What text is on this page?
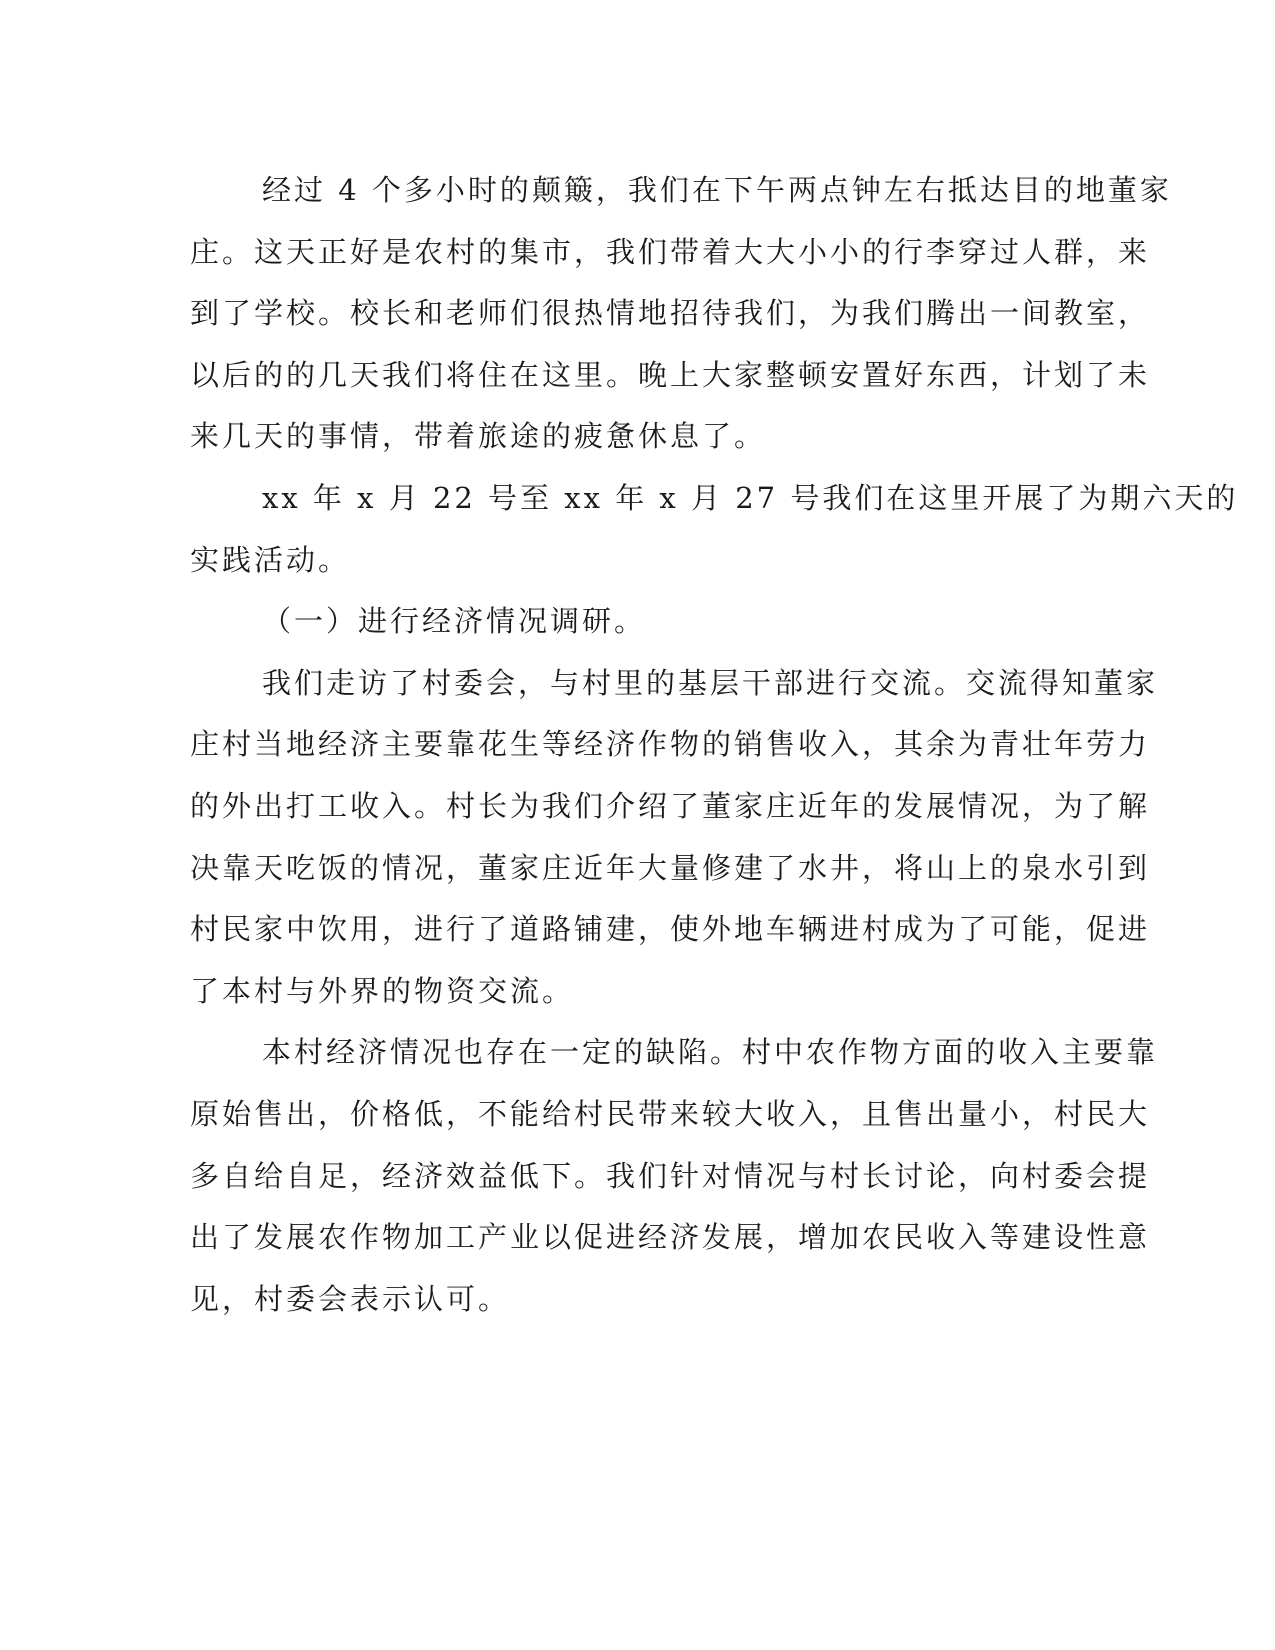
经过 4 个多小时的颠簸，我们在下午两点钟左右抵达目的地董家
庄。这天正好是农村的集市，我们带着大大小小的行李穿过人群，来
到了学校。校长和老师们很热情地招待我们，为我们腾出一间教室，
以后的的几天我们将住在这里。晚上大家整顿安置好东西，计划了未
来几天的事情，带着旅途的疲惫休息了。
xx 年 x 月 22 号至 xx 年 x 月 27 号我们在这里开展了为期六天的
实践活动。
（一）进行经济情况调研。
我们走访了村委会，与村里的基层干部进行交流。交流得知董家
庄村当地经济主要靠花生等经济作物的销售收入，其余为青壮年劳力
的外出打工收入。村长为我们介绍了董家庄近年的发展情况，为了解
决靠天吃饭的情况，董家庄近年大量修建了水井，将山上的泉水引到
村民家中饮用，进行了道路铺建，使外地车辆进村成为了可能，促进
了本村与外界的物资交流。
本村经济情况也存在一定的缺陷。村中农作物方面的收入主要靠
原始售出，价格低，不能给村民带来较大收入，且售出量小，村民大
多自给自足，经济效益低下。我们针对情况与村长讨论，向村委会提
出了发展农作物加工产业以促进经济发展，增加农民收入等建设性意
见，村委会表示认可。
